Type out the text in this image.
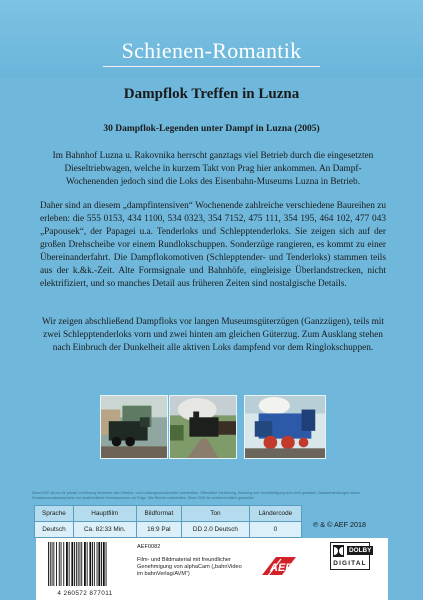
Schienen-Romantik
Dampflok Treffen in Luzna
30 Dampflok-Legenden unter Dampf in Luzna (2005)

Im Bahnhof Luzna u. Rakovnika herrscht ganztags viel Betrieb durch die eingesetzten Dieseltriebwagen, welche in kurzem Takt von Prag hier ankommen. An Dampf-Wochenenden jedoch sind die Loks des Eisenbahn-Museums Luzna in Betrieb.

Daher sind an diesem „dampfintensiven“ Wochenende zahlreiche verschiedene Baureihen zu erleben: die 555 0153, 434 1100, 534 0323, 354 7152, 475 111, 354 195, 464 102, 477 043 „Papousek“, der Papagei u.a. Tenderloks und Schlepptenderloks. Sie zeigen sich auf der großen Drehscheibe vor einem Rundlokschuppen. Sonderzüge rangieren, es kommt zu einer Übereinanderfahrt. Die Dampflokomotiven (Schlepptender- und Tenderloks) stammen teils aus der k.&k.-Zeit. Alte Formsignale und Bahnhöfe, eingleisige Überlandstrecken, nicht elektrifiziert, und so manches Detail aus früheren Zeiten sind nostalgische Details.

Wir zeigen abschließend Dampfloks vor langen Museumsgüterzügen (Ganzzügen), teils mit zwei Schlepptenderloks vorn und zwei hinten am gleichen Güterzug. Zum Ausklang stehen nach Einbruch der Dunkelheit alle aktiven Loks dampfend vor dem Ringlokschuppen.

Diese DVD ist nur für private Vorführung bestimmt. Alle Urheber- und Leistungsschutzrechte vorbehalten. Öffentliche Vorführung, Sendung und Vervielfältigung sind nicht gestattet. Zuwiderhandlungen haben Schadensersatzansprüche und strafrechtliche Konsequenzen zur Folge. Alle Rechte vorbehalten. Diese DVD ist urheberrechtlich geschützt.

Sprache	Hauptfilm	Bildformat	Ton	Ländercode
Deutsch	Ca. 82:33 Min.	16:9 Pal	DD 2.0 Deutsch	0
℗ & © AEF 2018
4 260572 877011
AEF0082
Film- und Bildmaterial mit freundlicher Genehmigung von alphaCam („bahnVideo im bahnVerlag/AVM“)	AEF
DOLBY
DIGITAL
